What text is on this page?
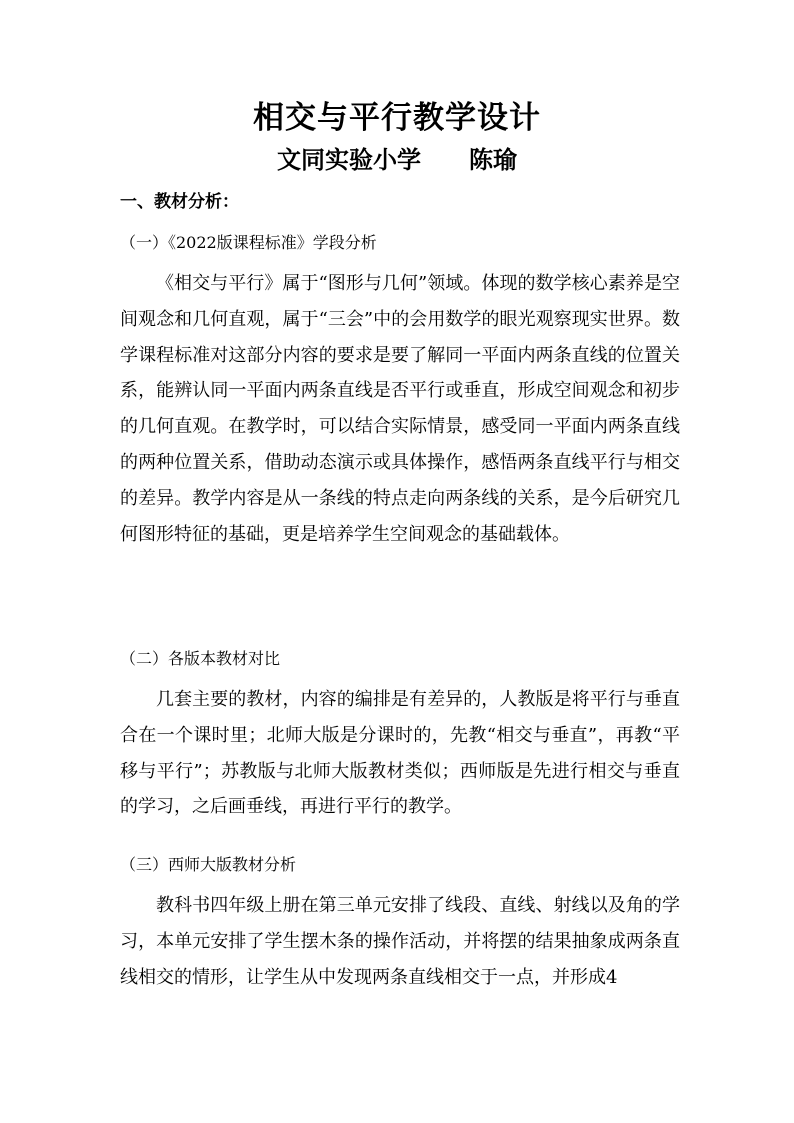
相交与平行教学设计
文同实验小学　　陈瑜
一、教材分析：
（一）《2022版课程标准》学段分析

《相交与平行》属于“图形与几何”领域。体现的数学核心素养是空间观念和几何直观，属于“三会”中的会用数学的眼光观察现实世界。数学课程标准对这部分内容的要求是要了解同一平面内两条直线的位置关系，能辨认同一平面内两条直线是否平行或垂直，形成空间观念和初步的几何直观。在教学时，可以结合实际情景，感受同一平面内两条直线的两种位置关系，借助动态演示或具体操作，感悟两条直线平行与相交的差异。教学内容是从一条线的特点走向两条线的关系，是今后研究几何图形特征的基础，更是培养学生空间观念的基础载体。

（二）各版本教材对比

几套主要的教材，内容的编排是有差异的，人教版是将平行与垂直合在一个课时里；北师大版是分课时的，先教“相交与垂直”，再教“平移与平行”；苏教版与北师大版教材类似；西师版是先进行相交与垂直的学习，之后画垂线，再进行平行的教学。

（三）西师大版教材分析

教科书四年级上册在第三单元安排了线段、直线、射线以及角的学习，本单元安排了学生摆木条的操作活动，并将摆的结果抽象成两条直线相交的情形，让学生从中发现两条直线相交于一点，并形成4
